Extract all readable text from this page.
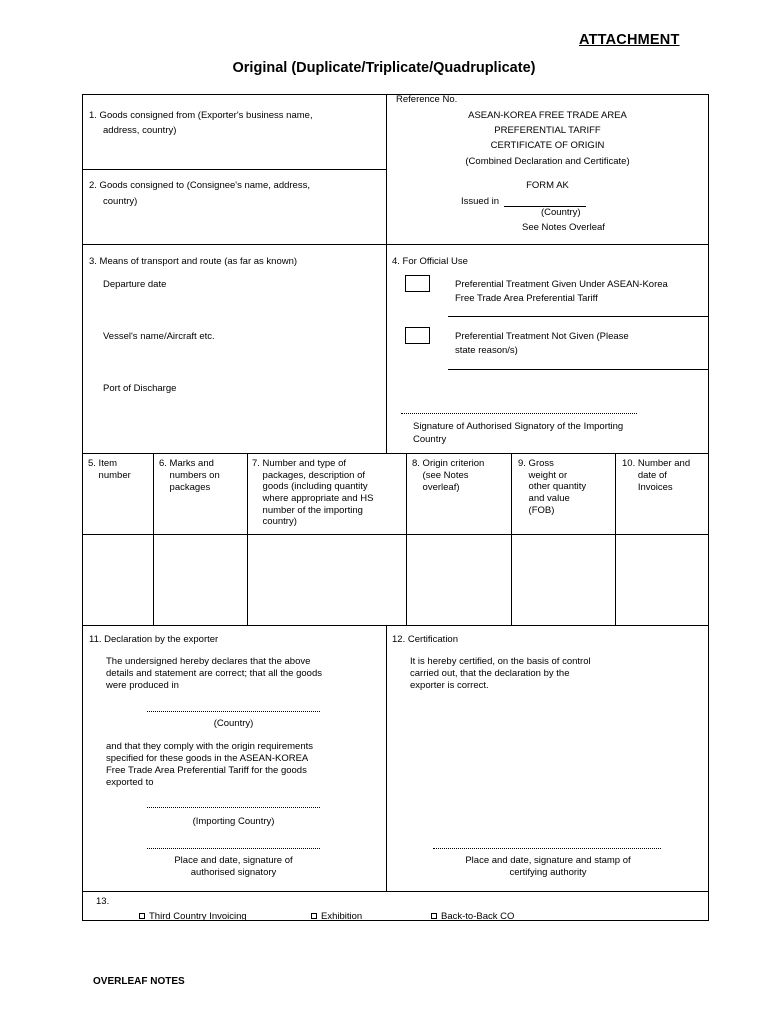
ATTACHMENT
Original (Duplicate/Triplicate/Quadruplicate)
1. Goods consigned from (Exporter's business name,
address, country)
2. Goods consigned to (Consignee's name, address,
country)
Reference No.
ASEAN-KOREA FREE TRADE AREA
PREFERENTIAL TARIFF
CERTIFICATE OF ORIGIN
(Combined Declaration and Certificate)
FORM AK
Issued in
(Country)
See Notes Overleaf
3. Means of transport and route (as far as known)
Departure date
Vessel's name/Aircraft etc.
Port of Discharge
4. For Official Use
Preferential Treatment Given Under ASEAN-Korea
Free Trade Area Preferential Tariff
Preferential Treatment Not Given (Please
state reason/s)
Signature of Authorised Signatory of the Importing
Country
5. Item
number
6. Marks and
numbers on
packages
7. Number and type of
packages, description of
goods (including quantity
where appropriate and HS
number of the importing
country)
8. Origin criterion
(see Notes
overleaf)
9. Gross
weight or
other quantity
and value
(FOB)
10. Number and
date of
Invoices
11. Declaration by the exporter
The undersigned hereby declares that the above
details and statement are correct; that all the goods
were produced in
(Country)
and that they comply with the origin requirements
specified for these goods in the ASEAN-KOREA
Free Trade Area Preferential Tariff for the goods
exported to
(Importing Country)
Place and date, signature of
authorised signatory
12. Certification
It is hereby certified, on the basis of control
carried out, that the declaration by the
exporter is correct.
Place and date, signature and stamp of
certifying authority
13.
Third Country Invoicing	Exhibition	Back-to-Back CO
OVERLEAF NOTES
